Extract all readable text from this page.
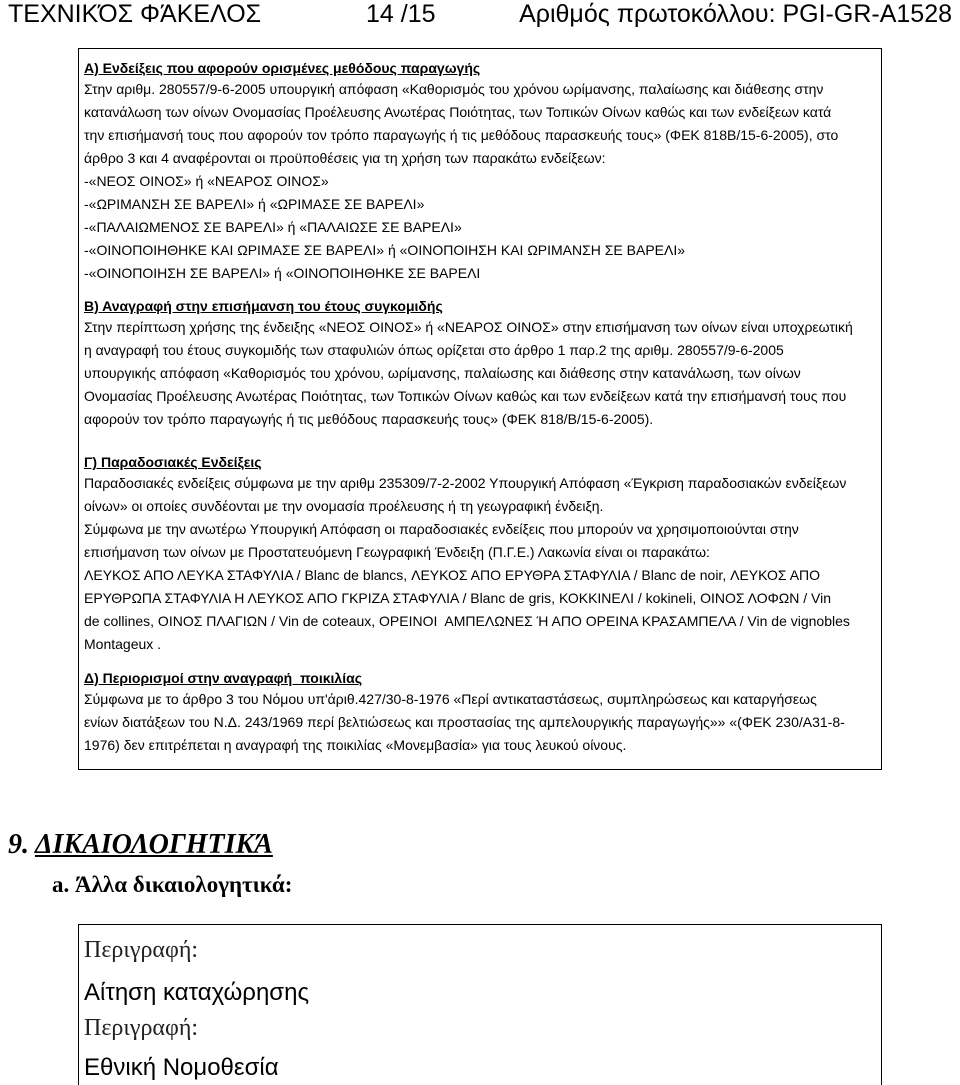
ΤΕΧΝΙΚΌΣ ΦΆΚΕΛΟΣ	14 /15	Αριθμός πρωτοκόλλου: PGI-GR-A1528
Α) Ενδείξεις που αφορούν ορισμένες μεθόδους παραγωγής
Στην αριθμ. 280557/9-6-2005 υπουργική απόφαση «Καθορισμός του χρόνου ωρίμανσης, παλαίωσης και διάθεσης στην
κατανάλωση των οίνων Ονομασίας Προέλευσης Ανωτέρας Ποιότητας, των Τοπικών Οίνων καθώς και των ενδείξεων κατά
την επισήμανσή τους που αφορούν τον τρόπο παραγωγής ή τις μεθόδους παρασκευής τους» (ΦΕΚ 818Β/15-6-2005), στο
άρθρο 3 και 4 αναφέρονται οι προϋποθέσεις για τη χρήση των παρακάτω ενδείξεων:
-«ΝΕΟΣ ΟΙΝΟΣ» ή «ΝΕΑΡΟΣ ΟΙΝΟΣ»
-«ΩΡΙΜΑΝΣΗ ΣΕ ΒΑΡΕΛΙ» ή «ΩΡΙΜΑΣΕ ΣΕ ΒΑΡΕΛΙ»
-«ΠΑΛΑΙΩΜΕΝΟΣ ΣΕ ΒΑΡΕΛΙ» ή «ΠΑΛΑΙΩΣΕ ΣΕ ΒΑΡΕΛΙ»
-«ΟΙΝΟΠΟΙΗΘΗΚΕ ΚΑΙ ΩΡΙΜΑΣΕ ΣΕ ΒΑΡΕΛΙ» ή «ΟΙΝΟΠΟΙΗΣΗ ΚΑΙ ΩΡΙΜΑΝΣΗ ΣΕ ΒΑΡΕΛΙ»
-«ΟΙΝΟΠΟΙΗΣΗ ΣΕ ΒΑΡΕΛΙ» ή «ΟΙΝΟΠΟΙΗΘΗΚΕ ΣΕ ΒΑΡΕΛΙ
Β) Αναγραφή στην επισήμανση του έτους συγκομιδής
Στην περίπτωση χρήσης της ένδειξης «ΝΕΟΣ ΟΙΝΟΣ» ή «ΝΕΑΡΟΣ ΟΙΝΟΣ» στην επισήμανση των οίνων είναι υποχρεωτική
η αναγραφή του έτους συγκομιδής των σταφυλιών όπως ορίζεται στο άρθρο 1 παρ.2 της αριθμ. 280557/9-6-2005
υπουργικής απόφαση «Καθορισμός του χρόνου, ωρίμανσης, παλαίωσης και διάθεσης στην κατανάλωση, των οίνων
Ονομασίας Προέλευσης Ανωτέρας Ποιότητας, των Τοπικών Οίνων καθώς και των ενδείξεων κατά την επισήμανσή τους που
αφορούν τον τρόπο παραγωγής ή τις μεθόδους παρασκευής τους» (ΦΕΚ 818/Β/15-6-2005).
Γ) Παραδοσιακές Ενδείξεις
Παραδοσιακές ενδείξεις σύμφωνα με την αριθμ 235309/7-2-2002 Υπουργική Απόφαση «Έγκριση παραδοσιακών ενδείξεων
οίνων» οι οποίες συνδέονται με την ονομασία προέλευσης ή τη γεωγραφική ένδειξη.
Σύμφωνα με την ανωτέρω Υπουργική Απόφαση οι παραδοσιακές ενδείξεις που μπορούν να χρησιμοποιούνται στην
επισήμανση των οίνων με Προστατευόμενη Γεωγραφική Ένδειξη (Π.Γ.Ε.) Λακωνία είναι οι παρακάτω:
ΛΕΥΚΟΣ ΑΠΟ ΛΕΥΚΑ ΣΤΑΦΥΛΙΑ / Blanc de blancs, ΛΕΥΚΟΣ ΑΠΟ ΕΡΥΘΡΑ ΣΤΑΦΥΛΙΑ / Blanc de noir, ΛΕΥΚΟΣ ΑΠΟ
ΕΡΥΘΡΩΠΑ ΣΤΑΦΥΛΙΑ Η ΛΕΥΚΟΣ ΑΠΟ ΓΚΡΙΖΑ ΣΤΑΦΥΛΙΑ / Blanc de gris, ΚΟΚΚΙΝΕΛΙ / kokineli, ΟΙΝΟΣ ΛΟΦΩΝ / Vin
de collines, ΟΙΝΟΣ ΠΛΑΓΙΩΝ / Vin de coteaux, ΟΡΕΙΝΟΙ  ΑΜΠΕΛΩΝΕΣ Ή ΑΠΟ ΟΡΕΙΝΑ ΚΡΑΣΑΜΠΕΛΑ / Vin de vignobles
Montageux .
Δ) Περιορισμοί στην αναγραφή  ποικιλίας
Σύμφωνα με το άρθρο 3 του Νόμου υπ'άριθ.427/30-8-1976 «Περί αντικαταστάσεως, συμπληρώσεως και καταργήσεως
ενίων διατάξεων του Ν.Δ. 243/1969 περί βελτιώσεως και προστασίας της αμπελουργικής παραγωγής»» «(ΦΕΚ 230/Α31-8-
1976) δεν επιτρέπεται η αναγραφή της ποικιλίας «Μονεμβασία» για τους λευκού οίνους.
9. ΔΙΚΑΙΟΛΟΓΗΤΙΚΆ
a. Άλλα δικαιολογητικά:
Περιγραφή:
Αίτηση καταχώρησης
Περιγραφή:
Εθνική Νομοθεσία
